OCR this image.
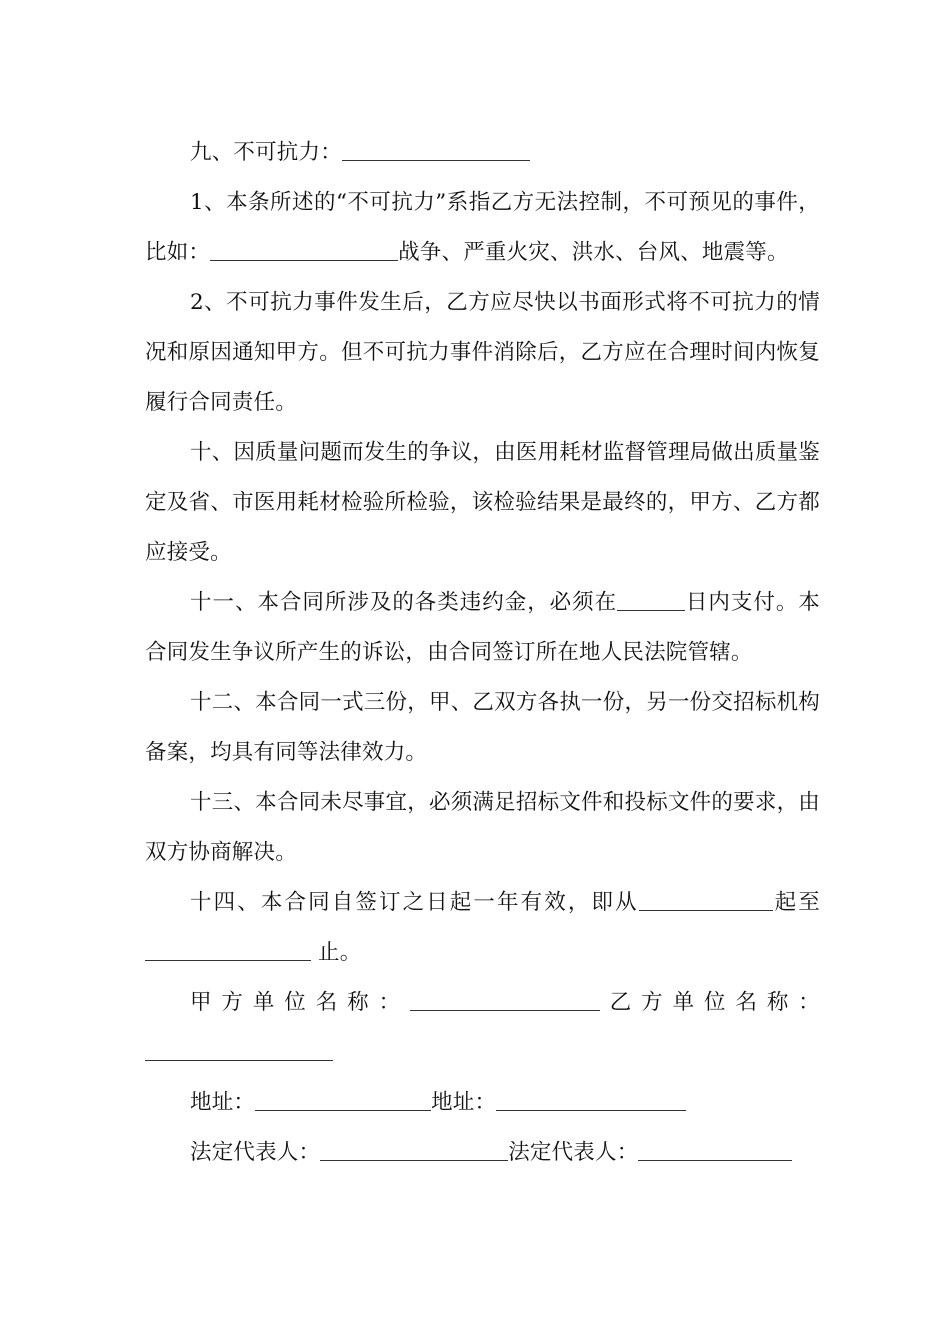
九、不可抗力：

1、本条所述的“不可抗力”系指乙方无法控制，不可预见的事件，比如：	战争、严重火灾、洪水、台风、地震等。

2、不可抗力事件发生后，乙方应尽快以书面形式将不可抗力的情况和原因通知甲方。但不可抗力事件消除后，乙方应在合理时间内恢复履行合同责任。

十、因质量问题而发生的争议，由医用耗材监督管理局做出质量鉴定及省、市医用耗材检验所检验，该检验结果是最终的，甲方、乙方都应接受。

十一、本合同所涉及的各类违约金，必须在	日内支付。本合同发生争议所产生的诉讼，由合同签订所在地人民法院管辖。

十二、本合同一式三份，甲、乙双方各执一份，另一份交招标机构备案，均具有同等法律效力。

十三、本合同未尽事宜，必须满足招标文件和投标文件的要求，由双方协商解决。

十四、本合同自签订之日起一年有效，即从	起至 止。

甲方单位名称：	乙方单位名称：

地址：	地址：

法定代表人：	法定代表人：
